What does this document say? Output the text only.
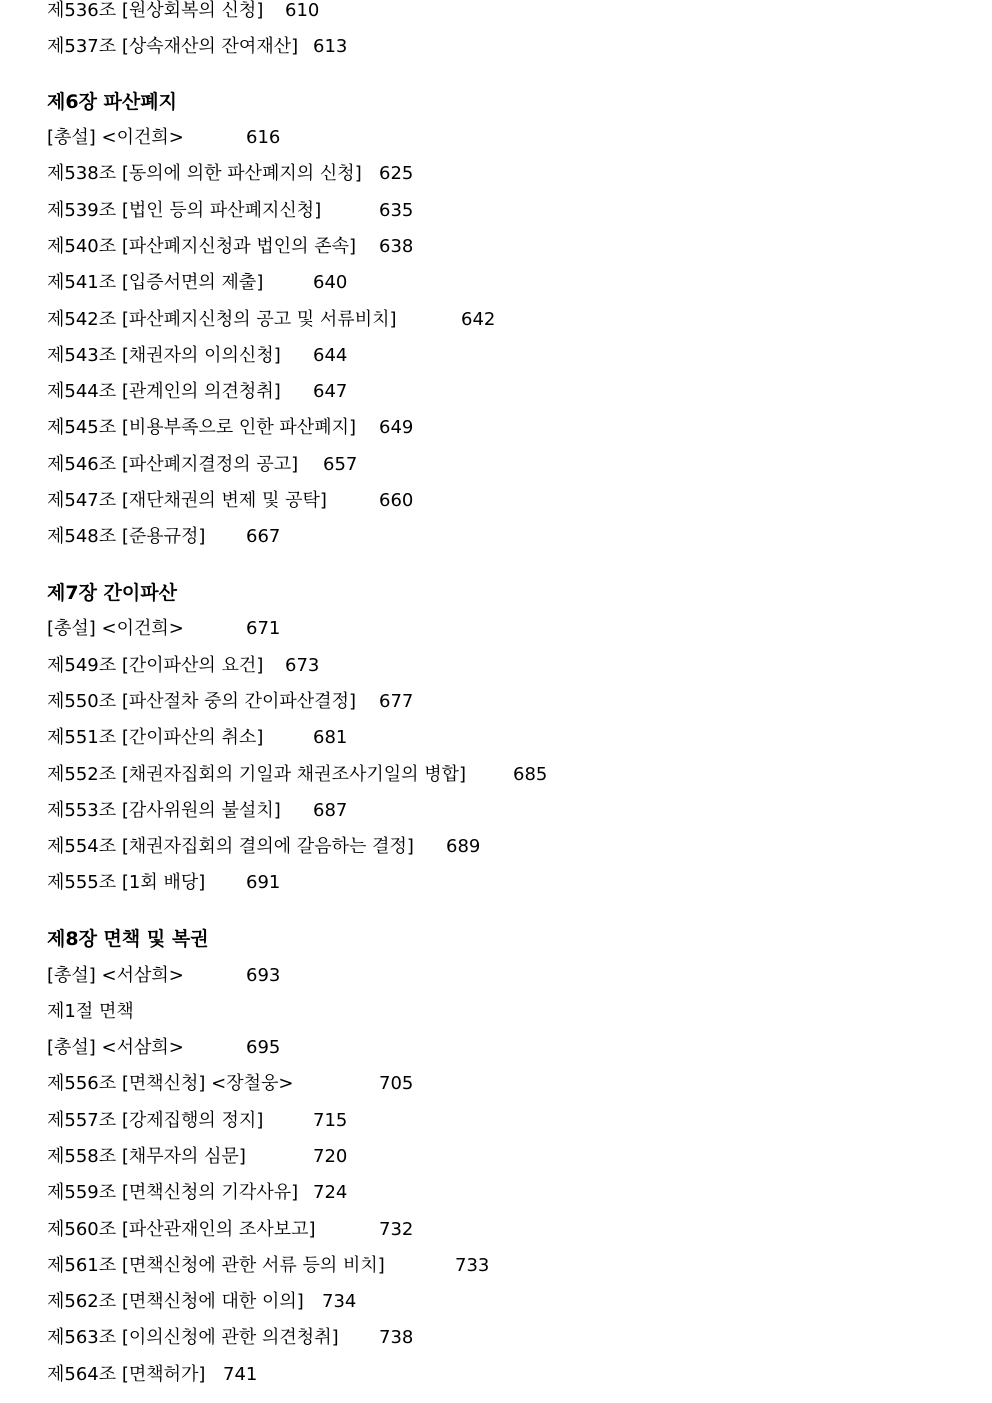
제536조 [원상회복의 신청] 610
제537조 [상속재산의 잔여재산] 613
제6장 파산폐지
[총설] <이건희>	616
제538조 [동의에 의한 파산폐지의 신청] 625
제539조 [법인 등의 파산폐지신청]	635
제540조 [파산폐지신청과 법인의 존속] 638
제541조 [입증서면의 제출]	640
제542조 [파산폐지신청의 공고 및 서류비치]	642
제543조 [채권자의 이의신청] 644
제544조 [관계인의 의견청취] 647
제545조 [비용부족으로 인한 파산폐지] 649
제546조 [파산폐지결정의 공고] 657
제547조 [재단채권의 변제 및 공탁]	660
제548조 [준용규정] 667
제7장 간이파산
[총설] <이건희>	671
제549조 [간이파산의 요건] 673
제550조 [파산절차 중의 간이파산결정] 677
제551조 [간이파산의 취소]	681
제552조 [채권자집회의 기일과 채권조사기일의 병합]	685
제553조 [감사위원의 불설치] 687
제554조 [채권자집회의 결의에 갈음하는 결정] 689
제555조 [1회 배당] 691
제8장 면책 및 복권
[총설] <서삼희>	693
제1절 면책
[총설] <서삼희>	695
제556조 [면책신청] <장철웅>	705
제557조 [강제집행의 정지]	715
제558조 [채무자의 심문]	720
제559조 [면책신청의 기각사유] 724
제560조 [파산관재인의 조사보고]	732
제561조 [면책신청에 관한 서류 등의 비치]	733
제562조 [면책신청에 대한 이의] 734
제563조 [이의신청에 관한 의견청취] 738
제564조 [면책허가] 741
